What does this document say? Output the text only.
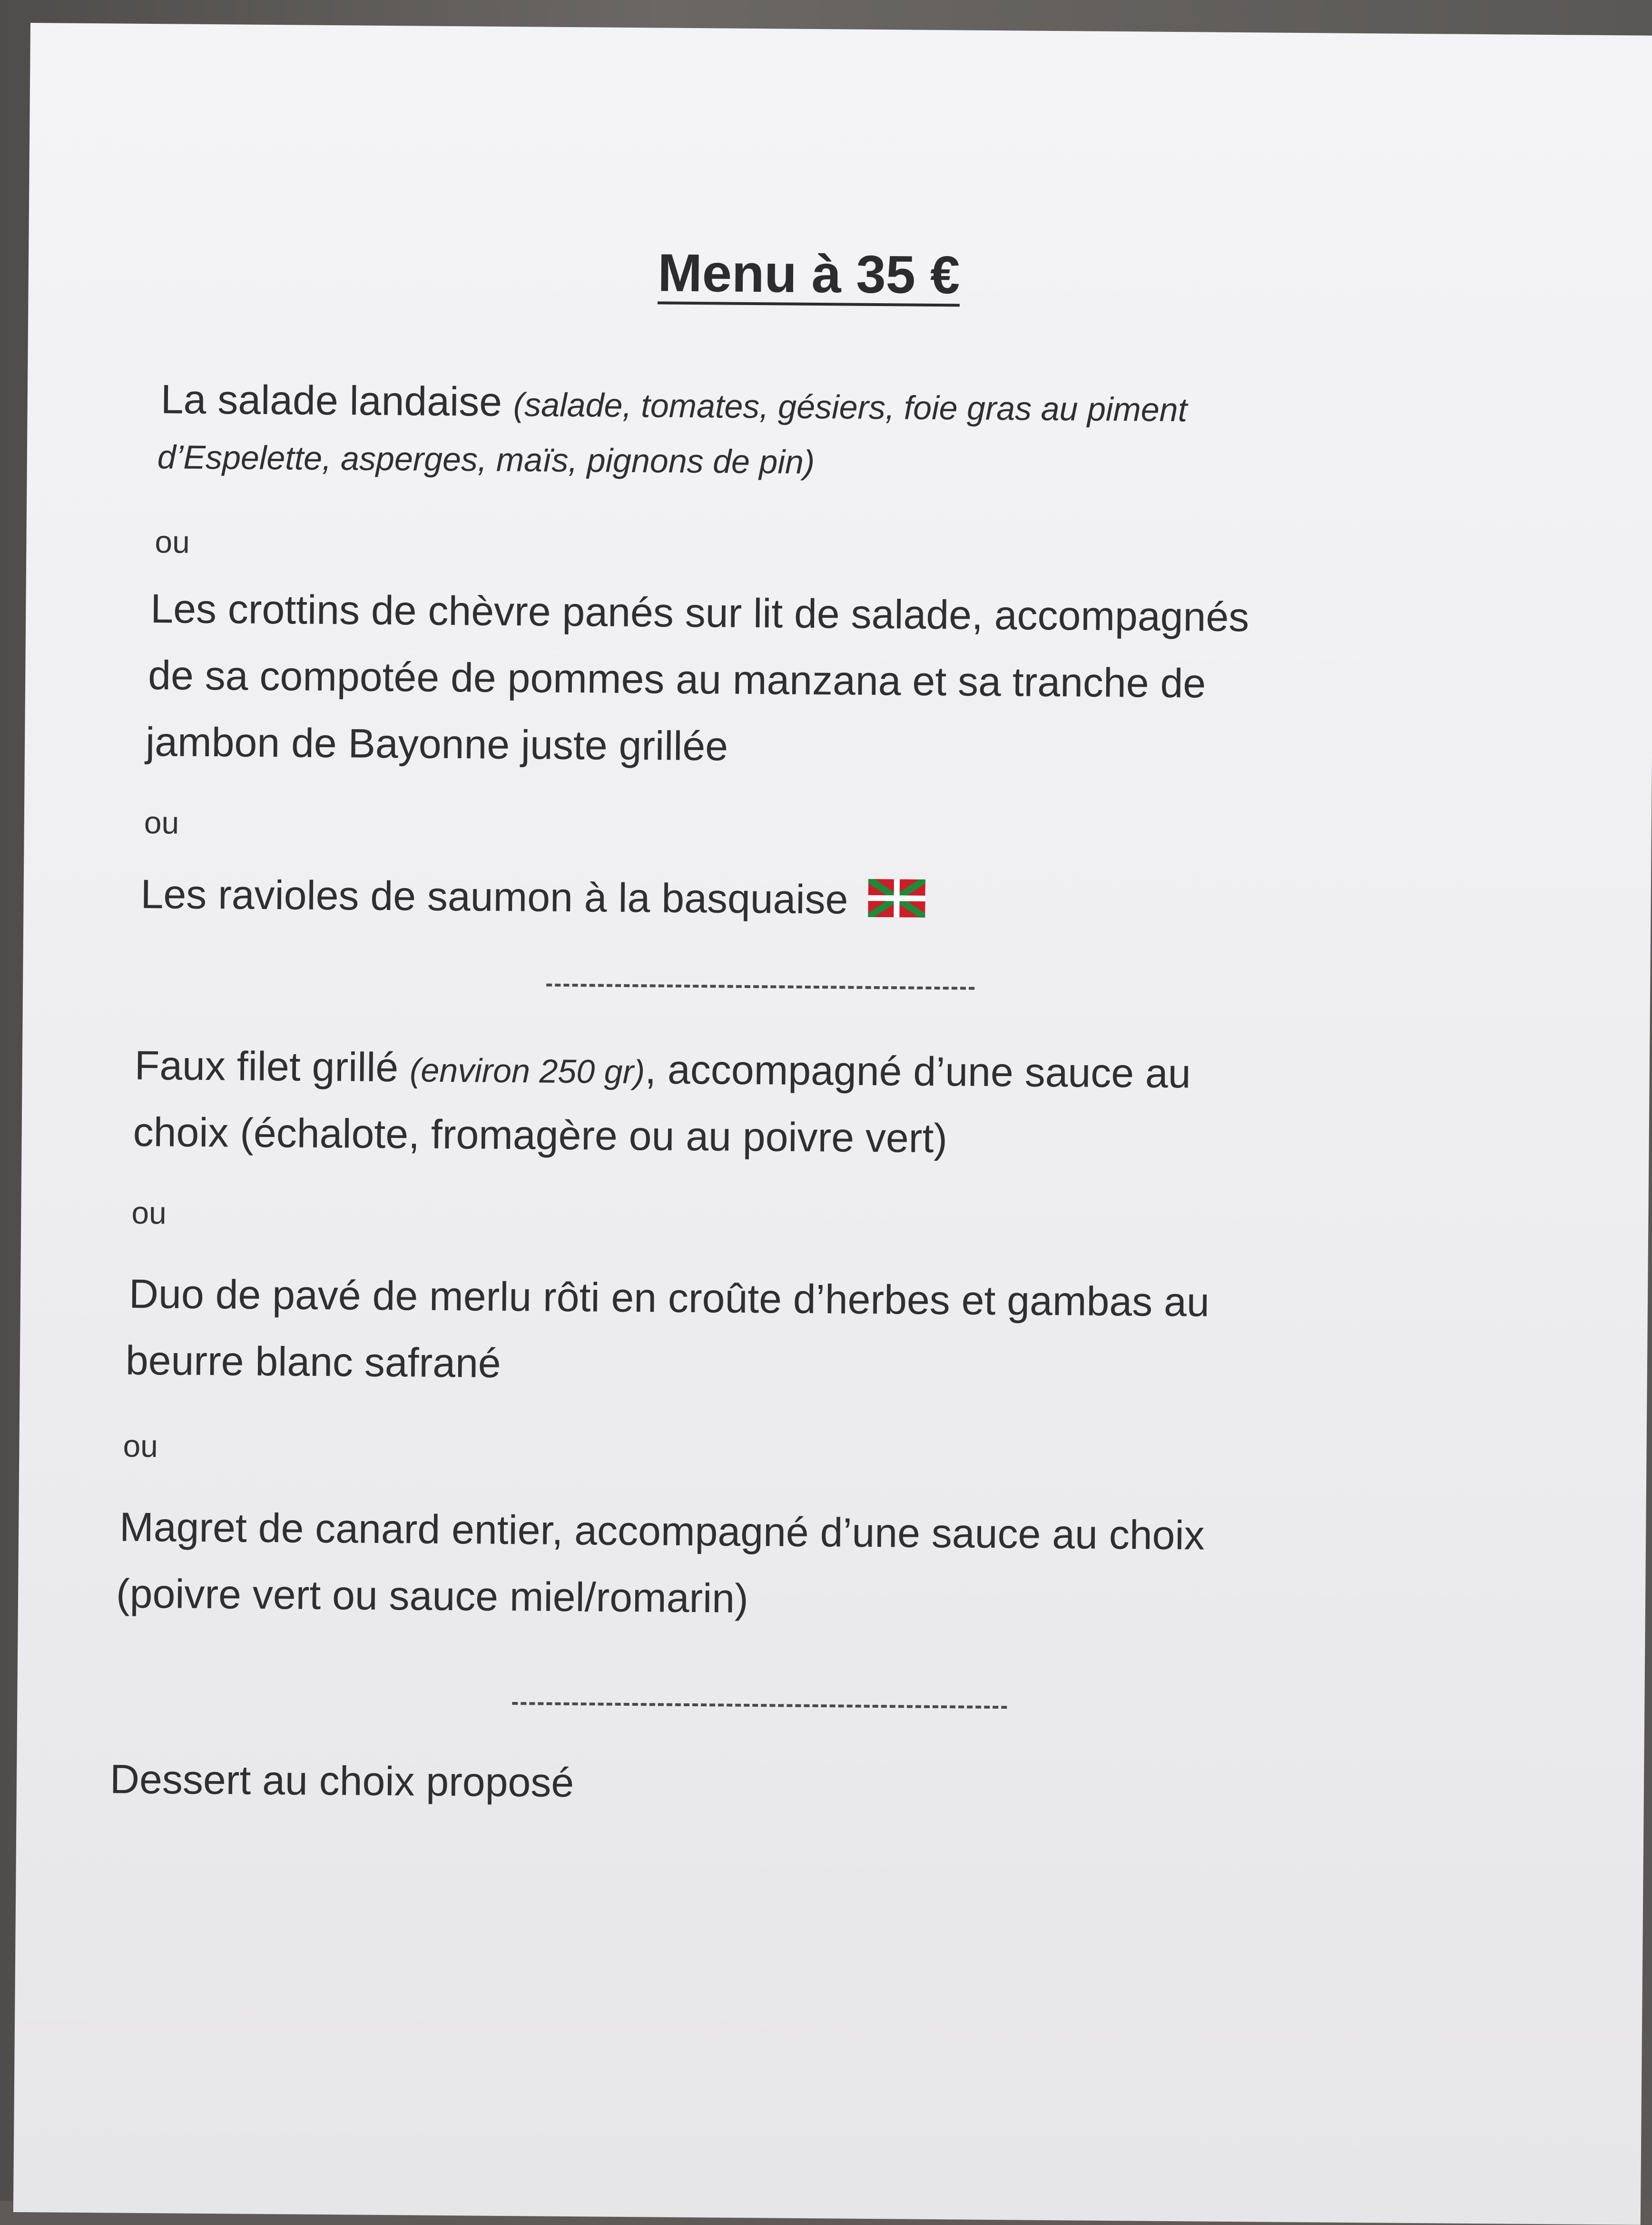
Menu à 35 €
La salade landaise (salade, tomates, gésiers, foie gras au piment
d’Espelette, asperges, maïs, pignons de pin)
ou
Les crottins de chèvre panés sur lit de salade, accompagnés
de sa compotée de pommes au manzana et sa tranche de
jambon de Bayonne juste grillée
ou
Les ravioles de saumon à la basquaise
Faux filet grillé (environ 250 gr), accompagné d’une sauce au
choix (échalote, fromagère ou au poivre vert)
ou
Duo de pavé de merlu rôti en croûte d’herbes et gambas au
beurre blanc safrané
ou
Magret de canard entier, accompagné d’une sauce au choix
(poivre vert ou sauce miel/romarin)
Dessert au choix proposé
